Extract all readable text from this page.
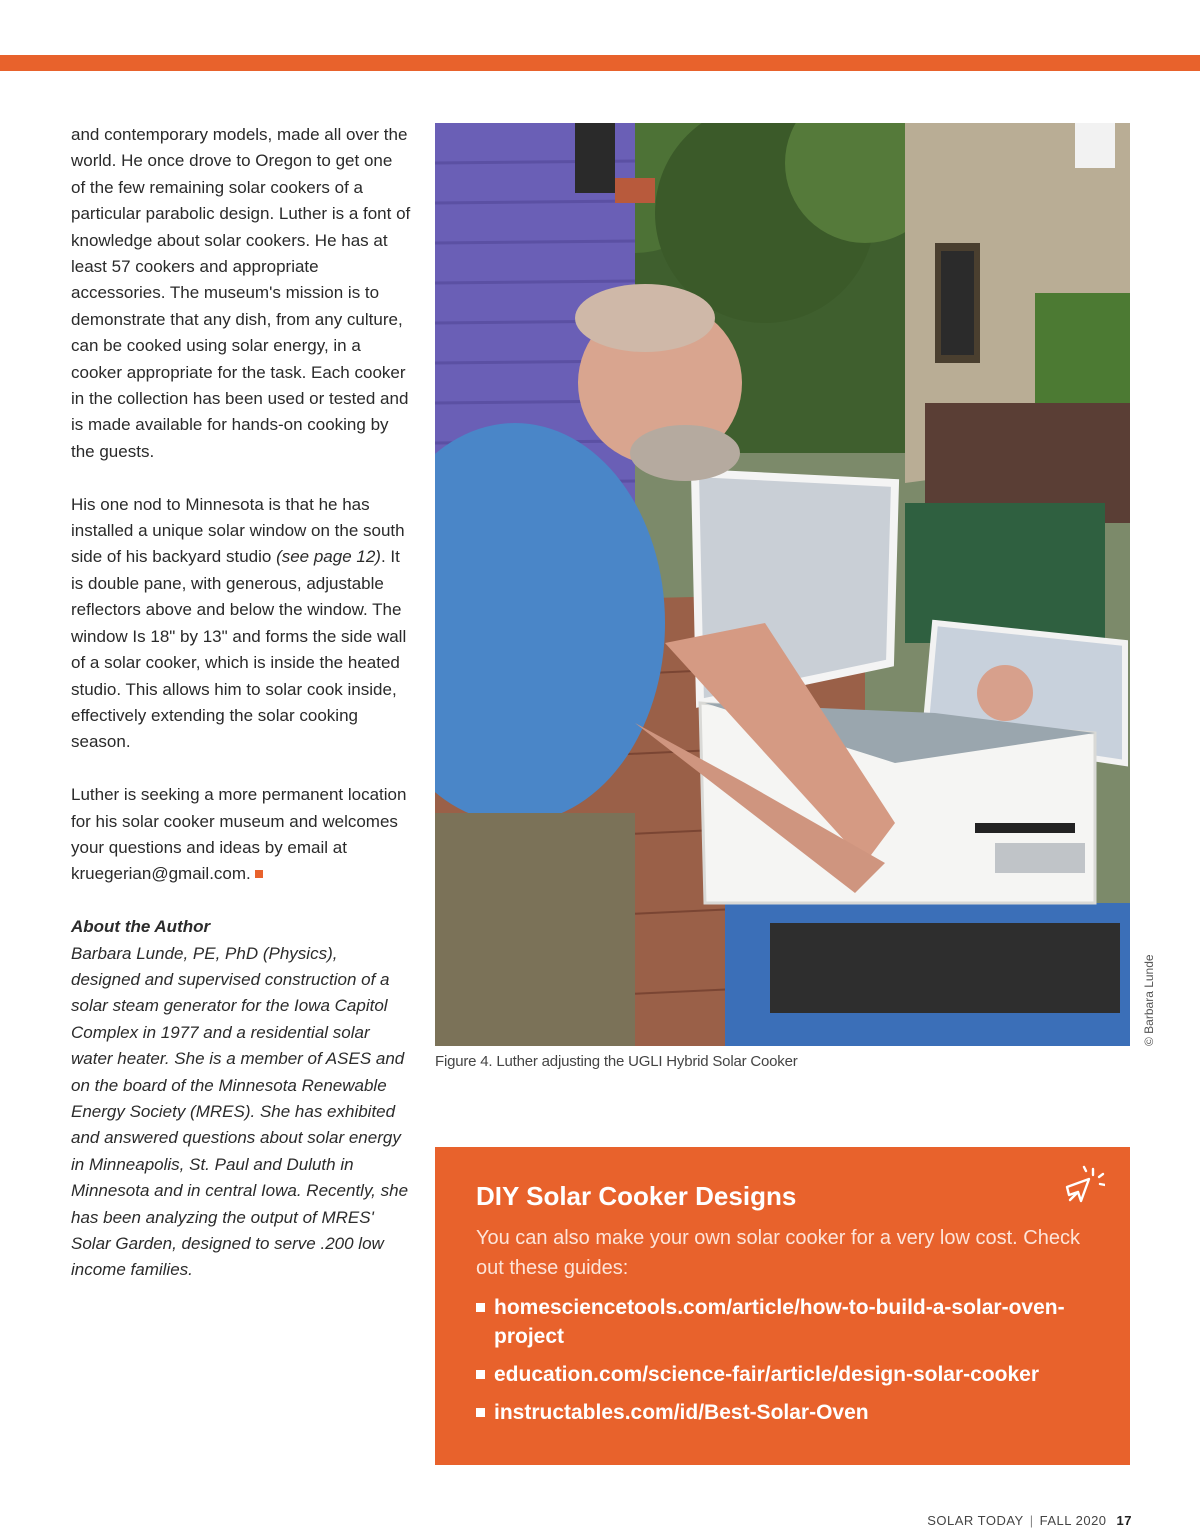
and contemporary models, made all over the world. He once drove to Oregon to get one of the few remaining solar cookers of a particular parabolic design. Luther is a font of knowledge about solar cookers. He has at least 57 cookers and appropriate accessories. The museum's mission is to demonstrate that any dish, from any culture, can be cooked using solar energy, in a cooker appropriate for the task. Each cooker in the collection has been used or tested and is made available for hands-on cooking by the guests.

His one nod to Minnesota is that he has installed a unique solar window on the south side of his backyard studio (see page 12). It is double pane, with generous, adjustable reflectors above and below the window. The window Is 18" by 13" and forms the side wall of a solar cooker, which is inside the heated studio. This allows him to solar cook inside, effectively extending the solar cooking season.

Luther is seeking a more permanent location for his solar cooker museum and welcomes your questions and ideas by email at kruegerian@gmail.com.

About the Author

Barbara Lunde, PE, PhD (Physics), designed and supervised construction of a solar steam generator for the Iowa Capitol Complex in 1977 and a residential solar water heater. She is a member of ASES and on the board of the Minnesota Renewable Energy Society (MRES). She has exhibited and answered questions about solar energy in Minneapolis, St. Paul and Duluth in Minnesota and in central Iowa. Recently, she has been analyzing the output of MRES' Solar Garden, designed to serve .200 low income families.

© Barbara Lunde
Figure 4. Luther adjusting the UGLI Hybrid Solar Cooker
DIY Solar Cooker Designs
You can also make your own solar cooker for a very low cost. Check out these guides:
homesciencetools.com/article/how-to-build-a-solar-oven-project
education.com/science-fair/article/design-solar-cooker
instructables.com/id/Best-Solar-Oven
SOLAR TODAY | FALL 2020 17
